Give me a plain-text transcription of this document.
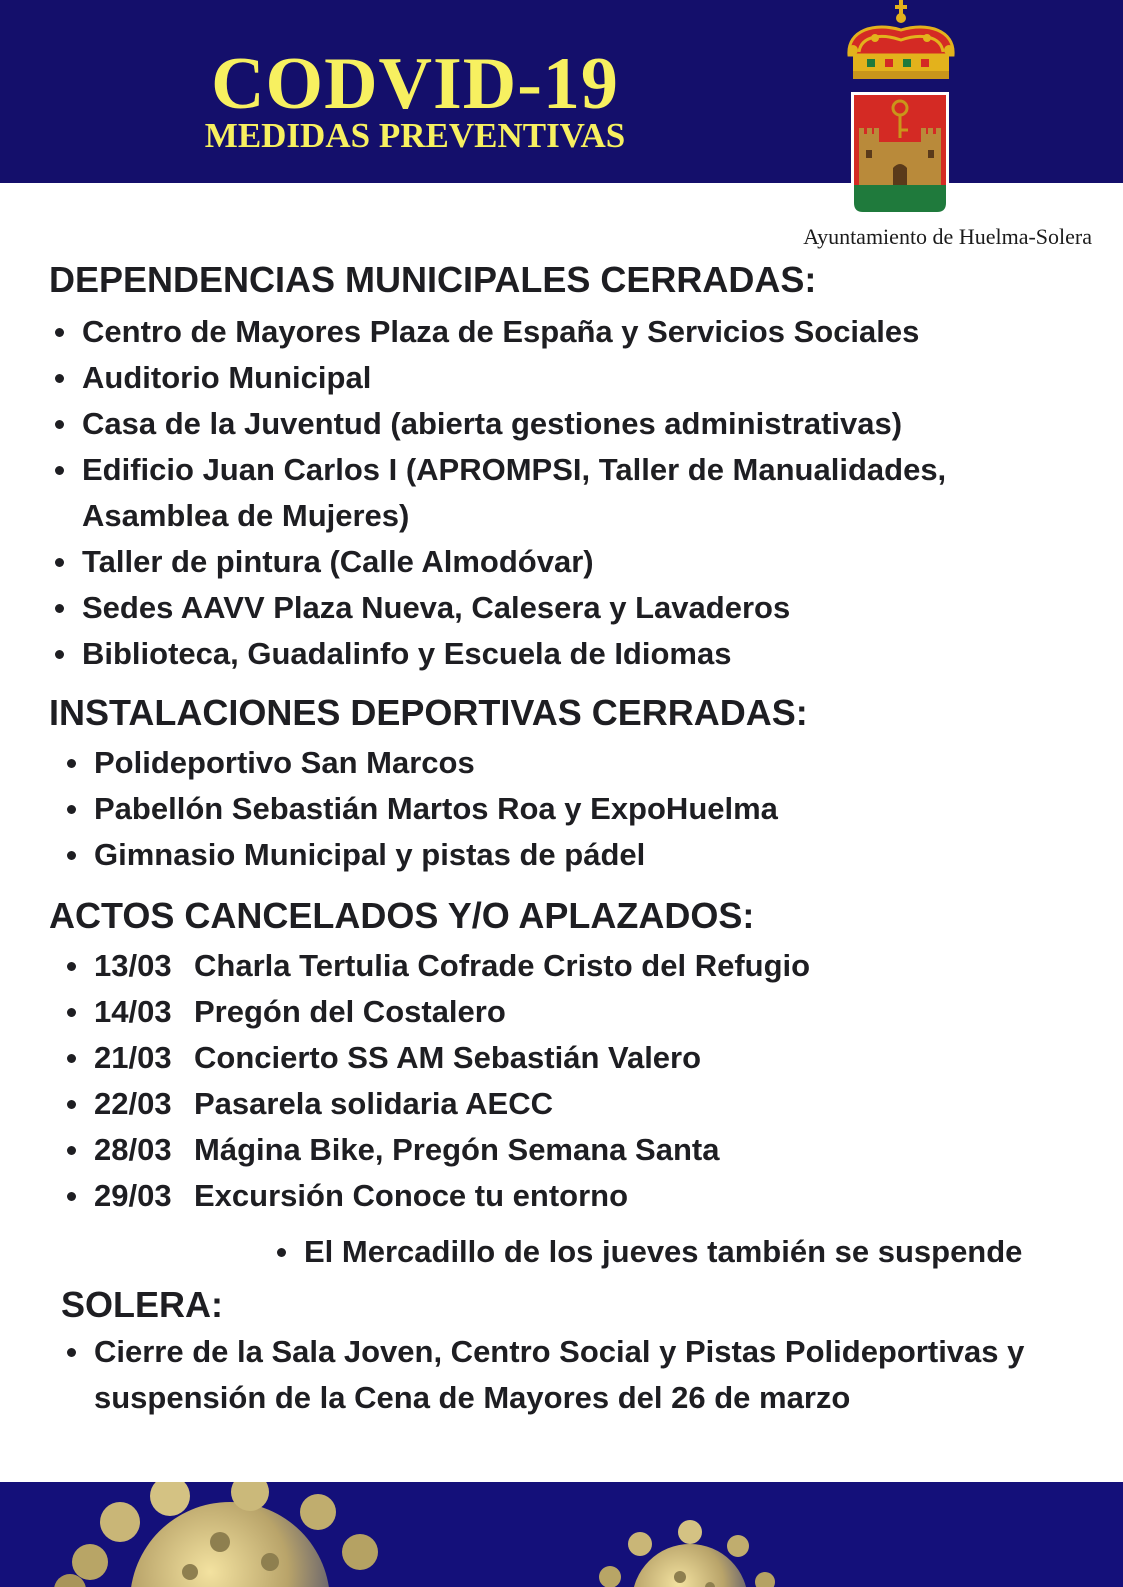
CODVID-19
MEDIDAS PREVENTIVAS
Ayuntamiento de Huelma-Solera
DEPENDENCIAS MUNICIPALES CERRADAS:
Centro de Mayores Plaza de España y Servicios Sociales
Auditorio Municipal
Casa de la Juventud (abierta gestiones administrativas)
Edificio Juan Carlos I (APROMPSI, Taller de Manualidades,
Asamblea de Mujeres)
Taller de pintura (Calle Almodóvar)
Sedes AAVV Plaza Nueva, Calesera y Lavaderos
Biblioteca, Guadalinfo y Escuela de Idiomas
INSTALACIONES DEPORTIVAS CERRADAS:
Polideportivo San Marcos
Pabellón Sebastián Martos Roa y ExpoHuelma
Gimnasio Municipal y pistas de pádel
ACTOS CANCELADOS Y/O APLAZADOS:
13/03 Charla Tertulia Cofrade Cristo del Refugio
14/03 Pregón del Costalero
21/03 Concierto SS AM Sebastián Valero
22/03 Pasarela solidaria AECC
28/03 Mágina Bike, Pregón Semana Santa
29/03 Excursión Conoce tu entorno
El Mercadillo de los jueves también se suspende
SOLERA:
Cierre de la Sala Joven, Centro Social y Pistas Polideportivas y
suspensión de la Cena de Mayores del 26 de marzo
